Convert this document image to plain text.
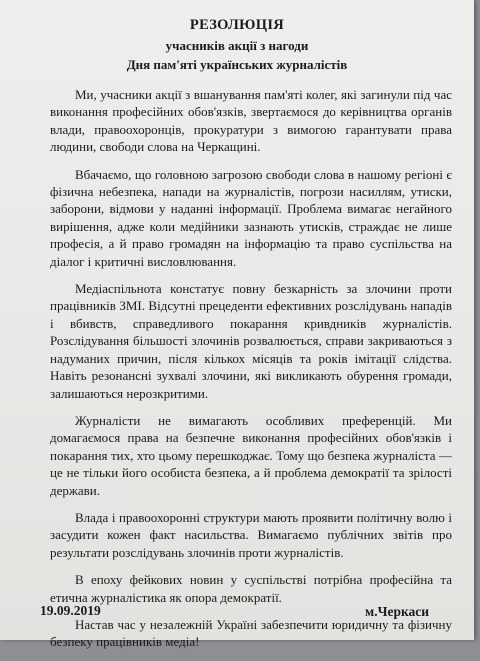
РЕЗОЛЮЦІЯ
учасників акції з нагоди
Дня пам'яті українських журналістів

Ми, учасники акції з вшанування пам'яті колег, які загинули під час виконання професійних обов'язків, звертаємося до керівництва органів влади, правоохоронців, прокуратури з вимогою гарантувати права людини, свободи слова на Черкащині.

Вбачаємо, що головною загрозою свободи слова в нашому регіоні є фізична небезпека, напади на журналістів, погрози насиллям, утиски, заборони, відмови у наданні інформації. Проблема вимагає негайного вирішення, адже коли медійники зазнають утисків, страждає не лише професія, а й право громадян на інформацію та право суспільства на діалог і критичні висловлювання.

Медіаспільнота констатує повну безкарність за злочини проти працівників ЗМІ. Відсутні прецеденти ефективних розслідувань нападів і вбивств, справедливого покарання кривдників журналістів. Розслідування більшості злочинів розвалюється, справи закриваються з надуманих причин, після кількох місяців та років імітації слідства. Навіть резонансні зухвалі злочини, які викликають обурення громади, залишаються нерозкритими.

Журналісти не вимагають особливих преференцій. Ми домагаємося права на безпечне виконання професійних обов'язків і покарання тих, хто цьому перешкоджає. Тому що безпека журналіста — це не тільки його особиста безпека, а й проблема демократії та зрілості держави.

Влада і правоохоронні структури мають проявити політичну волю і засудити кожен факт насильства. Вимагаємо публічних звітів про результати розслідувань злочинів проти журналістів.

В епоху фейкових новин у суспільстві потрібна професійна та етична журналістика як опора демократії.

Настав час у незалежній Україні забезпечити юридичну та фізичну безпеку працівників медіа!

19.09.2019	м.Черкаси
